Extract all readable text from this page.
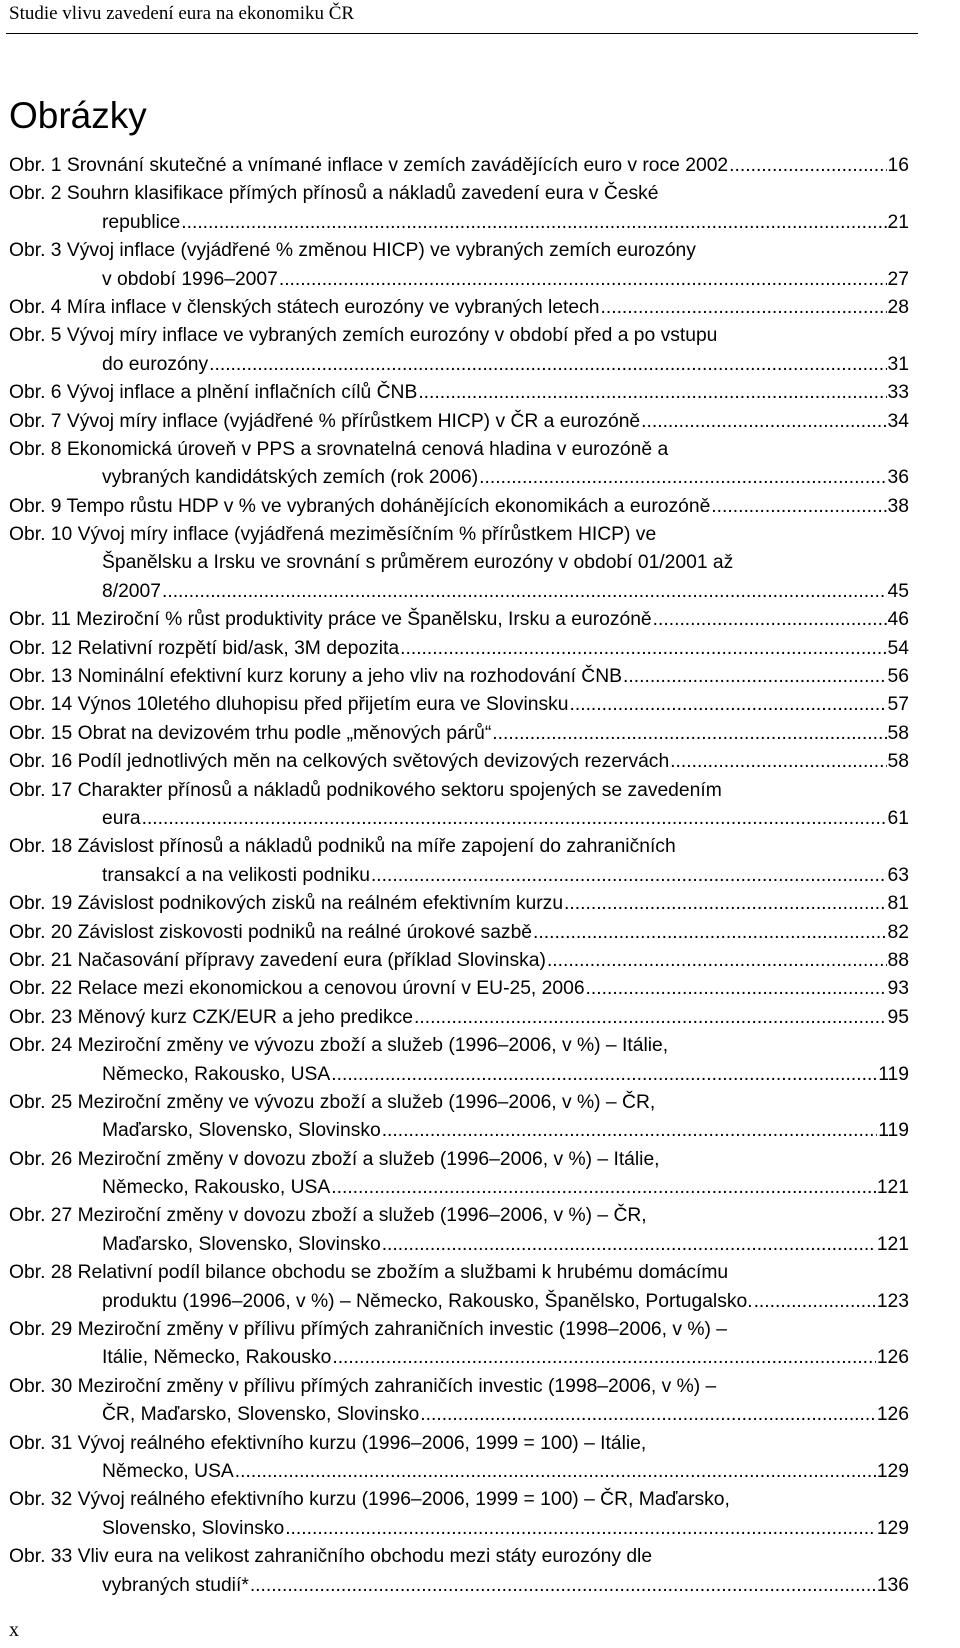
Studie vlivu zavedení eura na ekonomiku ČR
Obrázky
Obr. 1 Srovnání skutečné a vnímané inflace v zemích zavádějících euro v roce 2002 .....	16
Obr. 2 Souhrn klasifikace přímých přínosů a nákladů zavedení eura v České
republice .....	21
Obr. 3 Vývoj inflace (vyjádřené % změnou HICP) ve vybraných zemích eurozóny
v období 1996–2007 .....	27
Obr. 4 Míra inflace v členských státech eurozóny ve vybraných letech .....	28
Obr. 5 Vývoj míry inflace ve vybraných zemích eurozóny v období před a po vstupu
do eurozóny .....	31
Obr. 6 Vývoj inflace a plnění inflačních cílů ČNB .....	33
Obr. 7 Vývoj míry inflace (vyjádřené % přírůstkem HICP) v ČR a eurozóně .....	34
Obr. 8 Ekonomická úroveň v PPS a srovnatelná cenová hladina v eurozóně a
vybraných kandidátských zemích (rok 2006) .....	36
Obr. 9 Tempo růstu HDP v % ve vybraných dohánějících ekonomikách a eurozóně .....	38
Obr. 10 Vývoj míry inflace (vyjádřená meziměsíčním % přírůstkem HICP) ve
Španělsku a Irsku ve srovnání s průměrem eurozóny v období 01/2001 až
8/2007 .....	45
Obr. 11 Meziroční % růst produktivity práce ve Španělsku, Irsku a eurozóně .....	46
Obr. 12 Relativní rozpětí bid/ask, 3M depozita .....	54
Obr. 13 Nominální efektivní kurz koruny a jeho vliv na rozhodování ČNB .....	56
Obr. 14 Výnos 10letého dluhopisu před přijetím eura ve Slovinsku .....	57
Obr. 15 Obrat na devizovém trhu podle „měnových párů“ .....	58
Obr. 16 Podíl jednotlivých měn na celkových světových devizových rezervách .....	58
Obr. 17 Charakter přínosů a nákladů podnikového sektoru spojených se zavedením
eura .....	61
Obr. 18 Závislost přínosů a nákladů podniků na míře zapojení do zahraničních
transakcí a na velikosti podniku .....	63
Obr. 19 Závislost podnikových zisků na reálném efektivním kurzu .....	81
Obr. 20 Závislost ziskovosti podniků na reálné úrokové sazbě .....	82
Obr. 21 Načasování přípravy zavedení eura (příklad Slovinska) .....	88
Obr. 22 Relace mezi ekonomickou a cenovou úrovní v EU-25, 2006 .....	93
Obr. 23 Měnový kurz CZK/EUR a jeho predikce .....	95
Obr. 24 Meziroční změny ve vývozu zboží a služeb (1996–2006, v %) – Itálie,
Německo, Rakousko, USA .....	119
Obr. 25 Meziroční změny ve vývozu zboží a služeb (1996–2006, v %) – ČR,
Maďarsko, Slovensko, Slovinsko .....	119
Obr. 26 Meziroční změny v dovozu zboží a služeb (1996–2006, v %) – Itálie,
Německo, Rakousko, USA .....	121
Obr. 27 Meziroční změny v dovozu zboží a služeb (1996–2006, v %) – ČR,
Maďarsko, Slovensko, Slovinsko .....	121
Obr. 28 Relativní podíl bilance obchodu se zbožím a službami k hrubému domácímu
produktu (1996–2006, v %) – Německo, Rakousko, Španělsko, Portugalsko. .....	123
Obr. 29 Meziroční změny v přílivu přímých zahraničních investic (1998–2006, v %) –
Itálie, Německo, Rakousko .....	126
Obr. 30 Meziroční změny v přílivu přímých zahraničích investic (1998–2006, v %) –
ČR, Maďarsko, Slovensko, Slovinsko .....	126
Obr. 31 Vývoj reálného efektivního kurzu (1996–2006, 1999 = 100) – Itálie,
Německo, USA .....	129
Obr. 32 Vývoj reálného efektivního kurzu (1996–2006, 1999 = 100) – ČR, Maďarsko,
Slovensko, Slovinsko .....	129
Obr. 33 Vliv eura na velikost zahraničního obchodu mezi státy eurozóny dle
vybraných studií* .....	136
x
